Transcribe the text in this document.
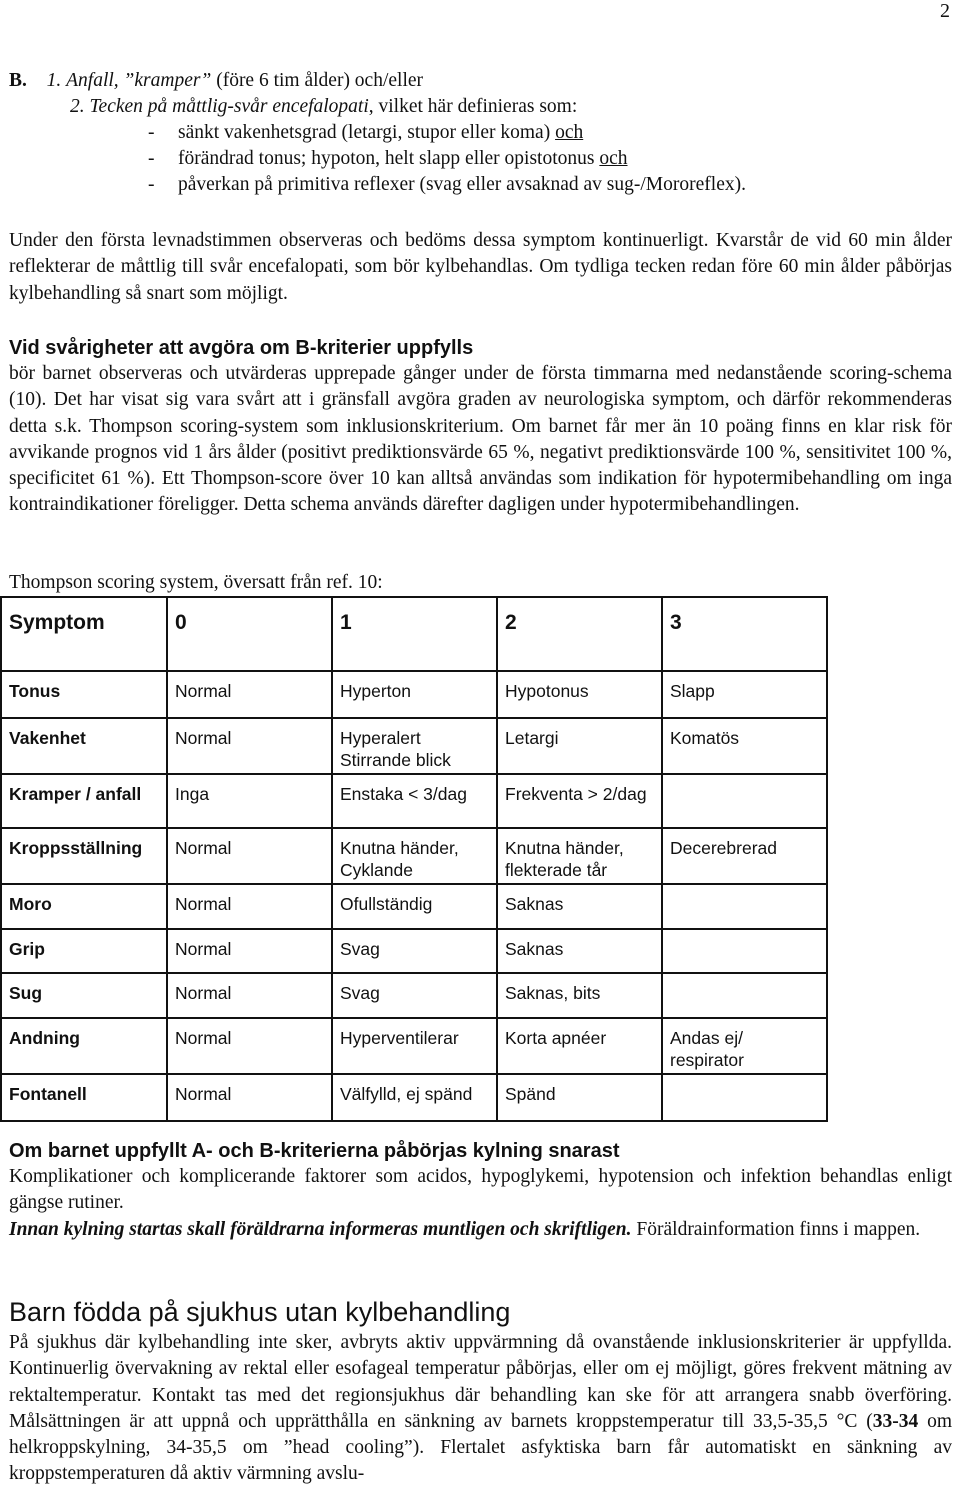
2
B. 1. Anfall, ”kramper” (före 6 tim ålder) och/eller
2. Tecken på måttlig-svår encefalopati, vilket här definieras som:
- sänkt vakenhetsgrad (letargi, stupor eller koma) och
- förändrad tonus; hypoton, helt slapp eller opistotonus och
- påverkan på primitiva reflexer (svag eller avsaknad av sug-/Mororeflex).
Under den första levnadstimmen observeras och bedöms dessa symptom kontinuerligt. Kvarstår de vid 60 min ålder reflekterar de måttlig till svår encefalopati, som bör kylbehandlas. Om tydliga tecken redan före 60 min ålder påbörjas kylbehandling så snart som möjligt.
Vid svårigheter att avgöra om B-kriterier uppfylls
bör barnet observeras och utvärderas upprepade gånger under de första timmarna med nedanstående scoring-schema (10). Det har visat sig vara svårt att i gränsfall avgöra graden av neurologiska symptom, och därför rekommenderas detta s.k. Thompson scoring-system som inklusionskriterium. Om barnet får mer än 10 poäng finns en klar risk för avvikande prognos vid 1 års ålder (positivt prediktionsvärde 65 %, negativt prediktionsvärde 100 %, sensitivitet 100 %, specificitet 61 %). Ett Thompson-score över 10 kan alltså användas som indikation för hypotermibehandling om inga kontraindikationer föreligger. Detta schema används därefter dagligen under hypotermibehandlingen.
Thompson scoring system, översatt från ref. 10:
Symptom	0	1	2	3
Tonus	Normal	Hyperton	Hypotonus	Slapp
Vakenhet	Normal	Hyperalert Stirrande blick	Letargi	Komatös
Kramper / anfall	Inga	Enstaka < 3/dag	Frekventa > 2/dag	
Kroppsställning	Normal	Knutna händer, Cyklande	Knutna händer, flekterade tår	Decerebrerad
Moro	Normal	Ofullständig	Saknas	
Grip	Normal	Svag	Saknas	
Sug	Normal	Svag	Saknas, bits	
Andning	Normal	Hyperventilerar	Korta apnéer	Andas ej/ respirator
Fontanell	Normal	Välfylld, ej spänd	Spänd	
Om barnet uppfyllt A- och B-kriterierna påbörjas kylning snarast
Komplikationer och komplicerande faktorer som acidos, hypoglykemi, hypotension och infektion behandlas enligt gängse rutiner.
Innan kylning startas skall föräldrarna informeras muntligen och skriftligen. Föräldrainformation finns i mappen.
Barn födda på sjukhus utan kylbehandling
På sjukhus där kylbehandling inte sker, avbryts aktiv uppvärmning då ovanstående inklusionskriterier är uppfyllda. Kontinuerlig övervakning av rektal eller esofageal temperatur påbörjas, eller om ej möjligt, göres frekvent mätning av rektaltemperatur. Kontakt tas med det regionsjukhus där behandling kan ske för att arrangera snabb överföring. Målsättningen är att uppnå och upprätthålla en sänkning av barnets kroppstemperatur till 33,5-35,5 °C (33-34 om helkroppskylning, 34-35,5 om ”head cooling”). Flertalet asfyktiska barn får automatiskt en sänkning av kroppstemperaturen då aktiv värmning avslu-
